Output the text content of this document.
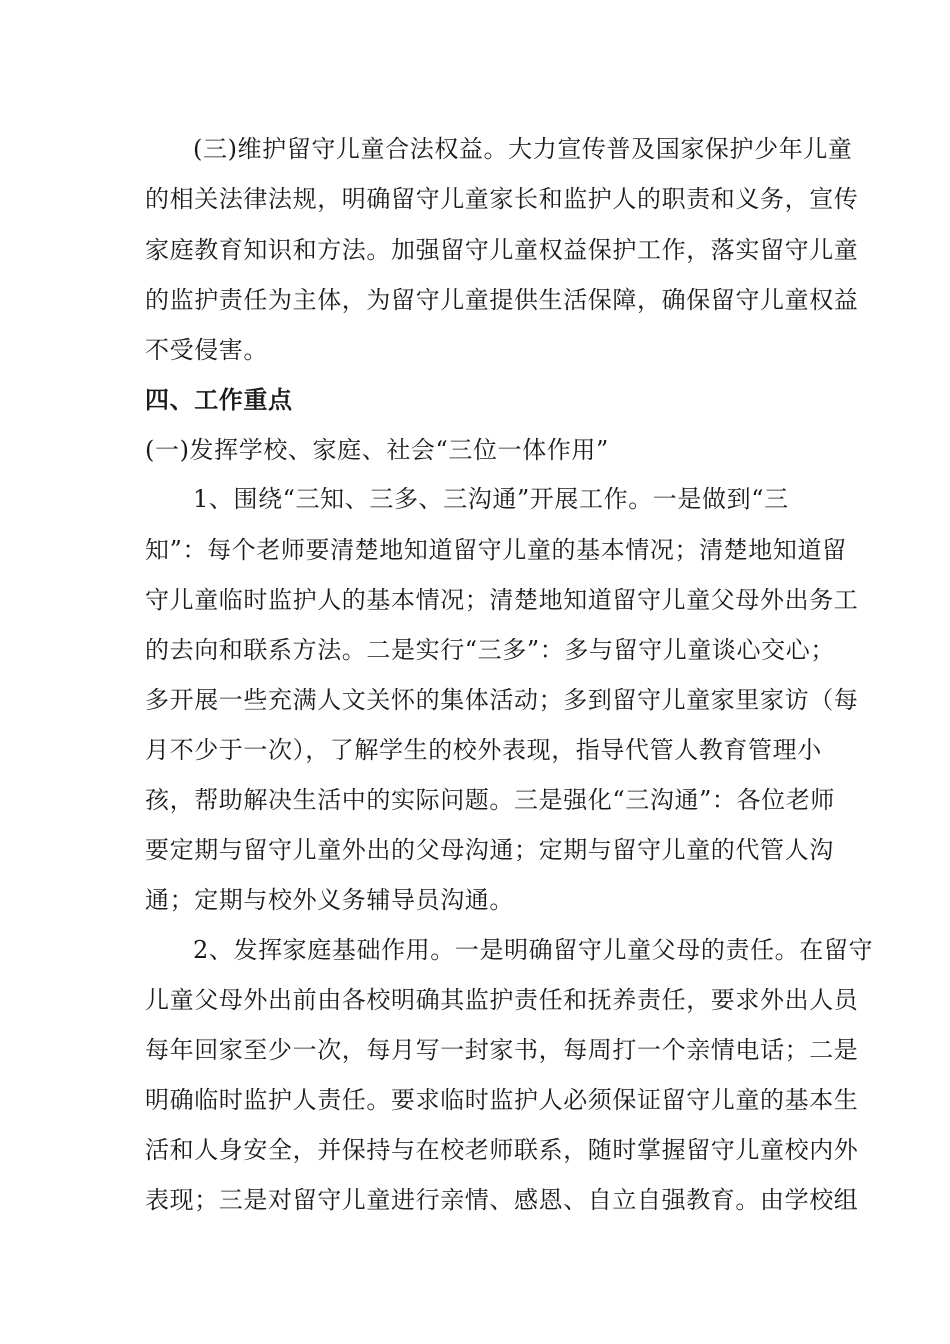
(三)维护留守儿童合法权益。大力宣传普及国家保护少年儿童
的相关法律法规，明确留守儿童家长和监护人的职责和义务，宣传
家庭教育知识和方法。加强留守儿童权益保护工作，落实留守儿童
的监护责任为主体，为留守儿童提供生活保障，确保留守儿童权益
不受侵害。
四、工作重点
(一)发挥学校、家庭、社会“三位一体作用”
1、围绕“三知、三多、三沟通”开展工作。一是做到“三
知”：每个老师要清楚地知道留守儿童的基本情况；清楚地知道留
守儿童临时监护人的基本情况；清楚地知道留守儿童父母外出务工
的去向和联系方法。二是实行“三多”：多与留守儿童谈心交心；
多开展一些充满人文关怀的集体活动；多到留守儿童家里家访（每
月不少于一次），了解学生的校外表现，指导代管人教育管理小
孩，帮助解决生活中的实际问题。三是强化“三沟通”：各位老师
要定期与留守儿童外出的父母沟通；定期与留守儿童的代管人沟
通；定期与校外义务辅导员沟通。
2、发挥家庭基础作用。一是明确留守儿童父母的责任。在留守
儿童父母外出前由各校明确其监护责任和抚养责任，要求外出人员
每年回家至少一次，每月写一封家书，每周打一个亲情电话；二是
明确临时监护人责任。要求临时监护人必须保证留守儿童的基本生
活和人身安全，并保持与在校老师联系，随时掌握留守儿童校内外
表现；三是对留守儿童进行亲情、感恩、自立自强教育。由学校组
